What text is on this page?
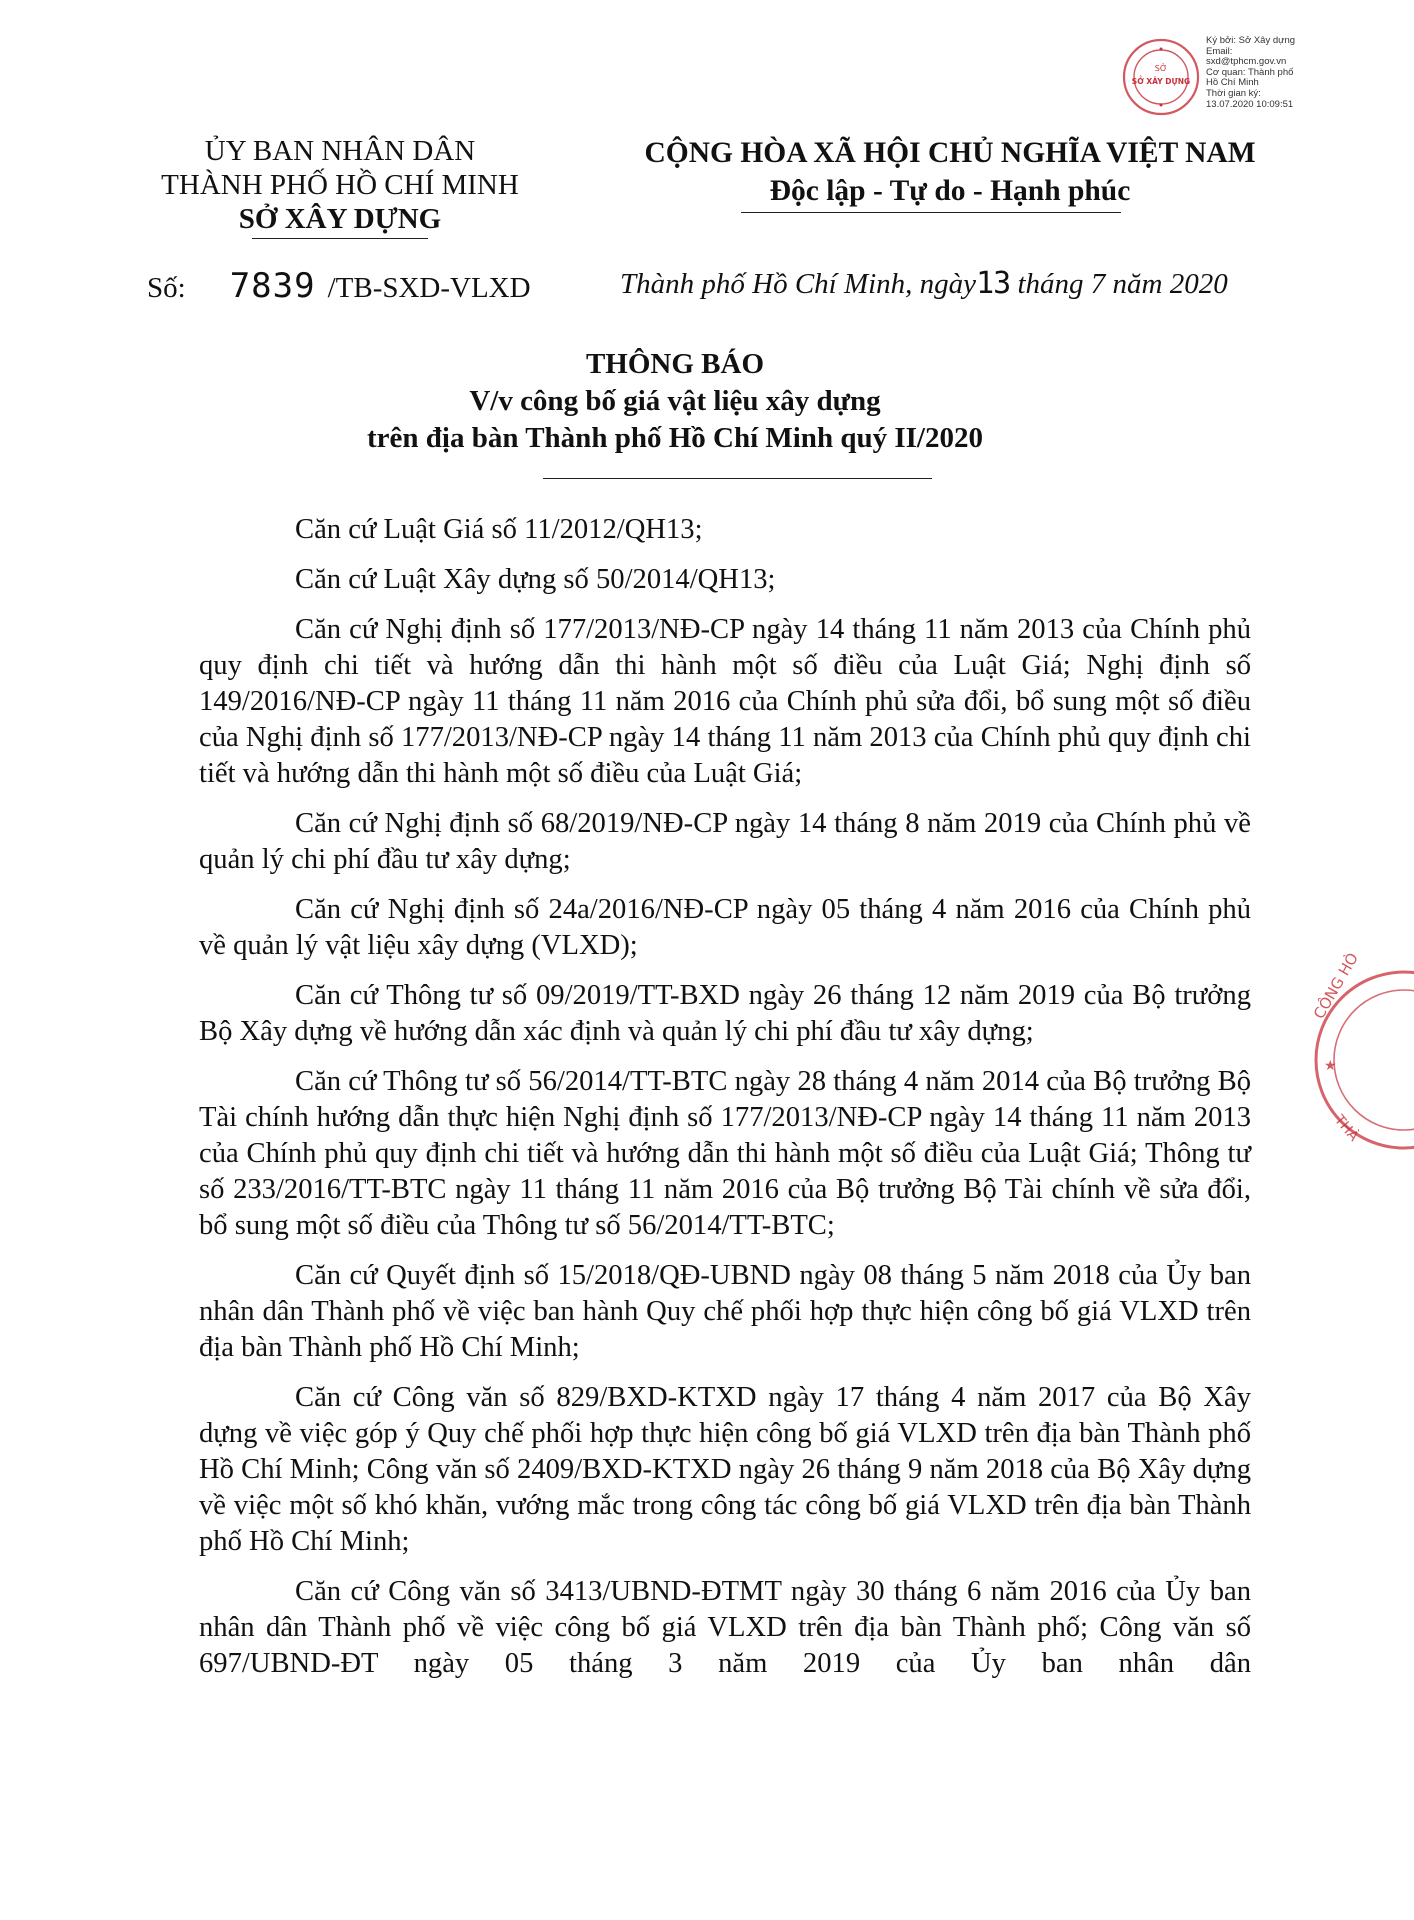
SỞ
SỞ XÂY DỰNG
Ký bởi: Sở Xây dựng
Email:
sxd@tphcm.gov.vn
Cơ quan: Thành phố
Hồ Chí Minh
Thời gian ký:
13.07.2020 10:09:51
ỦY BAN NHÂN DÂN
THÀNH PHỐ HỒ CHÍ MINH
SỞ XÂY DỰNG
CỘNG HÒA XÃ HỘI CHỦ NGHĨA VIỆT NAM
Độc lập - Tự do - Hạnh phúc
Số: 7839 /TB-SXD-VLXD	Thành phố Hồ Chí Minh, ngày13 tháng 7 năm 2020
THÔNG BÁO
V/v công bố giá vật liệu xây dựng
trên địa bàn Thành phố Hồ Chí Minh quý II/2020

Căn cứ Luật Giá số 11/2012/QH13;

Căn cứ Luật Xây dựng số 50/2014/QH13;

Căn cứ Nghị định số 177/2013/NĐ-CP ngày 14 tháng 11 năm 2013 của Chính phủ quy định chi tiết và hướng dẫn thi hành một số điều của Luật Giá; Nghị định số 149/2016/NĐ-CP ngày 11 tháng 11 năm 2016 của Chính phủ sửa đổi, bổ sung một số điều của Nghị định số 177/2013/NĐ-CP ngày 14 tháng 11 năm 2013 của Chính phủ quy định chi tiết và hướng dẫn thi hành một số điều của Luật Giá;

Căn cứ Nghị định số 68/2019/NĐ-CP ngày 14 tháng 8 năm 2019 của Chính phủ về quản lý chi phí đầu tư xây dựng;

Căn cứ Nghị định số 24a/2016/NĐ-CP ngày 05 tháng 4 năm 2016 của Chính phủ về quản lý vật liệu xây dựng (VLXD);

Căn cứ Thông tư số 09/2019/TT-BXD ngày 26 tháng 12 năm 2019 của Bộ trưởng Bộ Xây dựng về hướng dẫn xác định và quản lý chi phí đầu tư xây dựng;

Căn cứ Thông tư số 56/2014/TT-BTC ngày 28 tháng 4 năm 2014 của Bộ trưởng Bộ Tài chính hướng dẫn thực hiện Nghị định số 177/2013/NĐ-CP ngày 14 tháng 11 năm 2013 của Chính phủ quy định chi tiết và hướng dẫn thi hành một số điều của Luật Giá; Thông tư số 233/2016/TT-BTC ngày 11 tháng 11 năm 2016 của Bộ trưởng Bộ Tài chính về sửa đổi, bổ sung một số điều của Thông tư số 56/2014/TT-BTC;

Căn cứ Quyết định số 15/2018/QĐ-UBND ngày 08 tháng 5 năm 2018 của Ủy ban nhân dân Thành phố về việc ban hành Quy chế phối hợp thực hiện công bố giá VLXD trên địa bàn Thành phố Hồ Chí Minh;

Căn cứ Công văn số 829/BXD-KTXD ngày 17 tháng 4 năm 2017 của Bộ Xây dựng về việc góp ý Quy chế phối hợp thực hiện công bố giá VLXD trên địa bàn Thành phố Hồ Chí Minh; Công văn số 2409/BXD-KTXD ngày 26 tháng 9 năm 2018 của Bộ Xây dựng về việc một số khó khăn, vướng mắc trong công tác công bố giá VLXD trên địa bàn Thành phố Hồ Chí Minh;

Căn cứ Công văn số 3413/UBND-ĐTMT ngày 30 tháng 6 năm 2016 của Ủy ban nhân dân Thành phố về việc công bố giá VLXD trên địa bàn Thành phố; Công văn số 697/UBND-ĐT ngày 05 tháng 3 năm 2019 của Ủy ban nhân dân

CÔNG HÒ
★
THÀ
